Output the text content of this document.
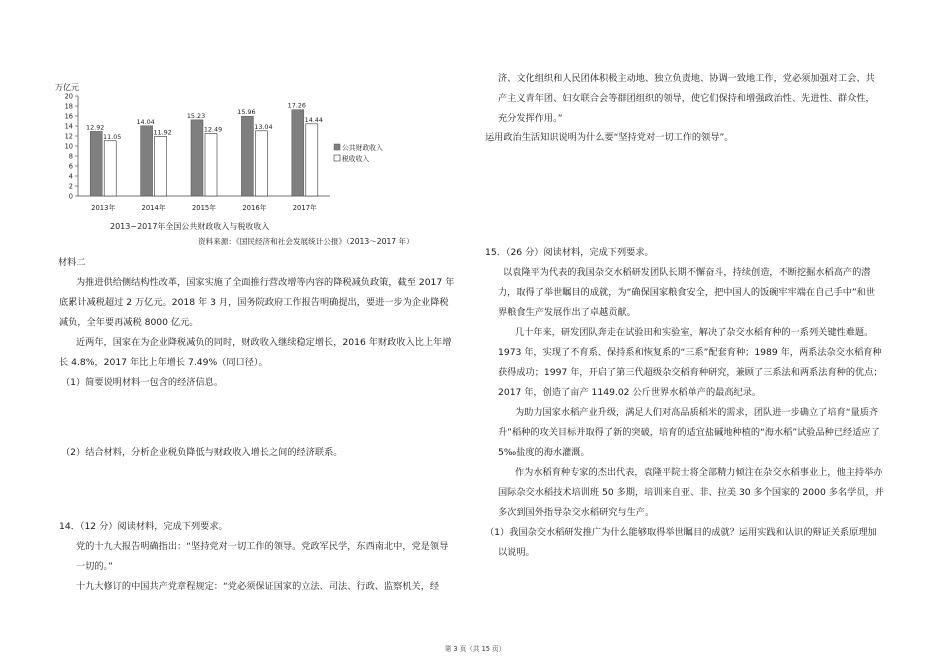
万亿元
0
2
4
6
8
10
12
14
16
18
20
12.92
11.05
2013年
14.04
11.92
2014年
15.23
12.49
2015年
15.96
13.04
2016年
17.26
14.44
2017年
公共财政收入
税收收入
2013~2017年全国公共财政收入与税收收入
资料来源：《国民经济和社会发展统计公报》（2013～2017 年）
材料二
为推进供给侧结构性改革，国家实施了全面推行营改增等内容的降税减负政策，截至 2017 年
底累计减税超过 2 万亿元。2018 年 3 月，国务院政府工作报告明确提出，要进一步为企业降税
减负，全年要再减税 8000 亿元。
近两年，国家在为企业降税减负的同时，财政收入继续稳定增长，2016 年财政收入比上年增
长 4.8%，2017 年比上年增长 7.49%（同口径）。
（1）简要说明材料一包含的经济信息。
（2）结合材料，分析企业税负降低与财政收入增长之间的经济联系。
14．（12 分）阅读材料，完成下列要求。
党的十九大报告明确指出：“坚持党对一切工作的领导。党政军民学，东西南北中，党是领导
一切的。”
十九大修订的中国共产党章程规定：“党必须保证国家的立法、司法、行政、监察机关，经
济、文化组织和人民团体积极主动地、独立负责地、协调一致地工作，党必须加强对工会、共
产主义青年团、妇女联合会等群团组织的领导，使它们保持和增强政治性、先进性、群众性，
充分发挥作用。”
运用政治生活知识说明为什么要“坚持党对一切工作的领导”。
15．（26 分）阅读材料，完成下列要求。
以袁隆平为代表的我国杂交水稻研发团队长期不懈奋斗，持续创造，不断挖掘水稻高产的潜
力，取得了举世瞩目的成就，为“确保国家粮食安全，把中国人的饭碗牢牢端在自己手中”和世
界粮食生产发展作出了卓越贡献。
几十年来，研发团队奔走在试验田和实验室，解决了杂交水稻育种的一系列关键性难题。
1973 年，实现了不育系、保持系和恢复系的“三系”配套育种；1989 年，两系法杂交水稻育种
获得成功；1997 年，开启了第三代超级杂交稻育种研究，兼顾了三系法和两系法育种的优点；
2017 年，创造了亩产 1149.02 公斤世界水稻单产的最高纪录。
为助力国家水稻产业升级，满足人们对高品质稻米的需求，团队进一步确立了培育“量质齐
升”稻种的攻关目标并取得了新的突破，培育的适宜盐碱地种植的“海水稻”试验品种已经适应了
5‰盐度的海水灌溉。
作为水稻育种专家的杰出代表，袁隆平院士将全部精力倾注在杂交水稻事业上，他主持举办
国际杂交水稻技术培训班 50 多期，培训来自亚、非、拉美 30 多个国家的 2000 多名学员，并
多次到国外指导杂交水稻研究与生产。
（1）我国杂交水稻研发推广为什么能够取得举世瞩目的成就？运用实践和认识的辩证关系原理加
以说明。
第 3 页（共 15 页）
